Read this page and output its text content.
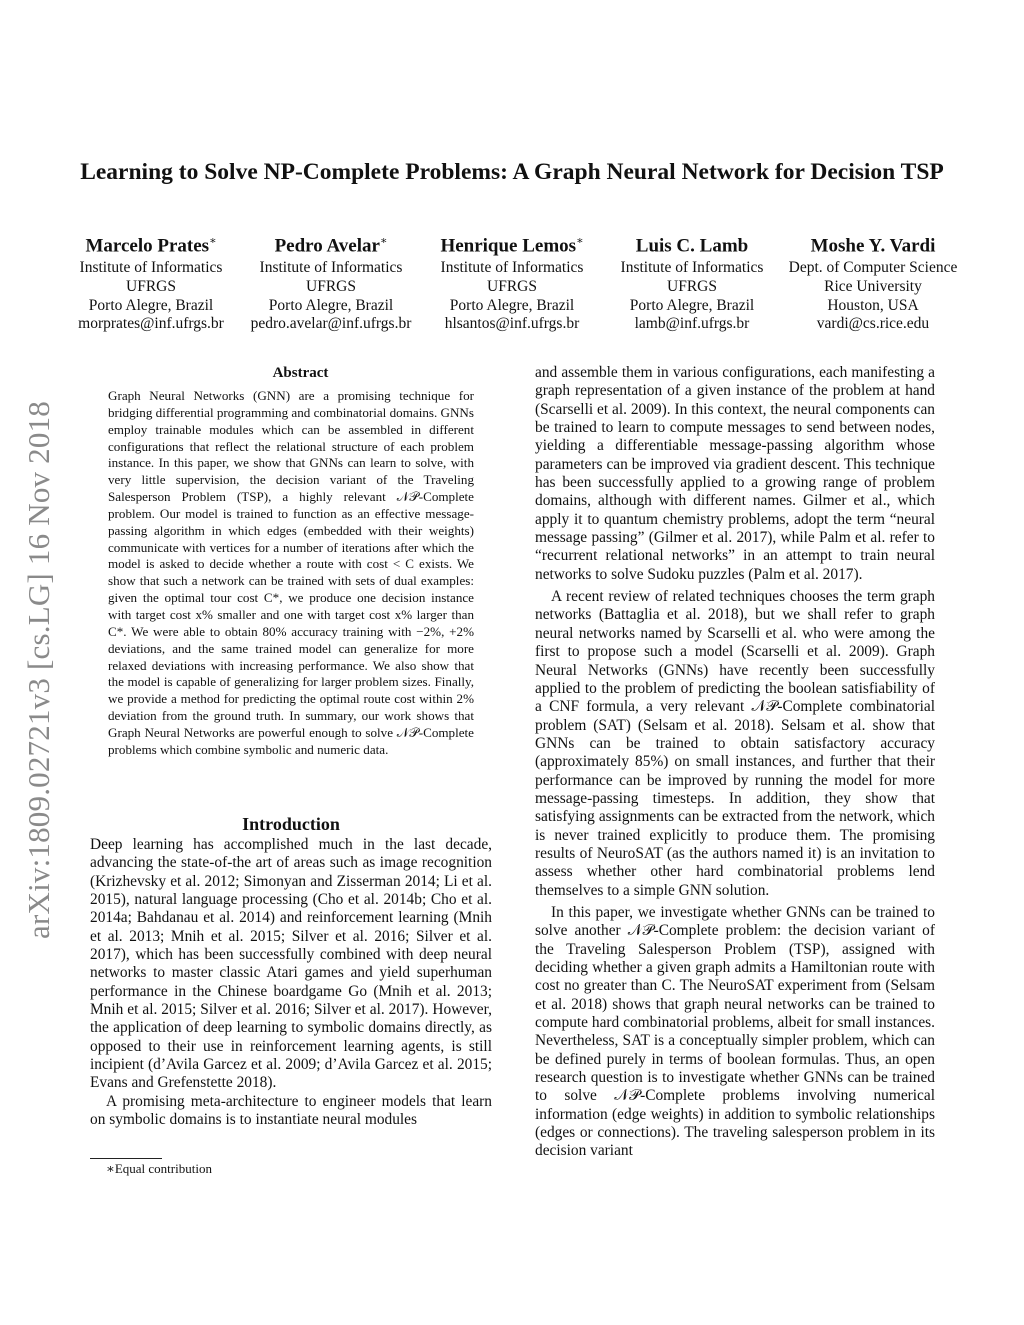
arXiv:1809.02721v3 [cs.LG] 16 Nov 2018
Learning to Solve NP-Complete Problems: A Graph Neural Network for Decision TSP
Marcelo Prates∗
Institute of Informatics
UFRGS
Porto Alegre, Brazil
morprates@inf.ufrgs.br
Pedro Avelar∗
Institute of Informatics
UFRGS
Porto Alegre, Brazil
pedro.avelar@inf.ufrgs.br
Henrique Lemos∗
Institute of Informatics
UFRGS
Porto Alegre, Brazil
hlsantos@inf.ufrgs.br
Luis C. Lamb
Institute of Informatics
UFRGS
Porto Alegre, Brazil
lamb@inf.ufrgs.br
Moshe Y. Vardi
Dept. of Computer Science
Rice University
Houston, USA
vardi@cs.rice.edu
Abstract

Graph Neural Networks (GNN) are a promising technique for bridging differential programming and combinatorial domains. GNNs employ trainable modules which can be assembled in different configurations that reflect the relational structure of each problem instance. In this paper, we show that GNNs can learn to solve, with very little supervision, the decision variant of the Traveling Salesperson Problem (TSP), a highly relevant 𝒩𝒫-Complete problem. Our model is trained to function as an effective message-passing algorithm in which edges (embedded with their weights) communicate with vertices for a number of iterations after which the model is asked to decide whether a route with cost < C exists. We show that such a network can be trained with sets of dual examples: given the optimal tour cost C*, we produce one decision instance with target cost x% smaller and one with target cost x% larger than C*. We were able to obtain 80% accuracy training with −2%, +2% deviations, and the same trained model can generalize for more relaxed deviations with increasing performance. We also show that the model is capable of generalizing for larger problem sizes. Finally, we provide a method for predicting the optimal route cost within 2% deviation from the ground truth. In summary, our work shows that Graph Neural Networks are powerful enough to solve 𝒩𝒫-Complete problems which combine symbolic and numeric data.

Introduction

Deep learning has accomplished much in the last decade, advancing the state-of-the art of areas such as image recognition (Krizhevsky et al. 2012; Simonyan and Zisserman 2014; Li et al. 2015), natural language processing (Cho et al. 2014b; Cho et al. 2014a; Bahdanau et al. 2014) and reinforcement learning (Mnih et al. 2013; Mnih et al. 2015; Silver et al. 2016; Silver et al. 2017), which has been successfully combined with deep neural networks to master classic Atari games and yield superhuman performance in the Chinese boardgame Go (Mnih et al. 2013; Mnih et al. 2015; Silver et al. 2016; Silver et al. 2017). However, the application of deep learning to symbolic domains directly, as opposed to their use in reinforcement learning agents, is still incipient (d’Avila Garcez et al. 2009; d’Avila Garcez et al. 2015; Evans and Grefenstette 2018).

A promising meta-architecture to engineer models that learn on symbolic domains is to instantiate neural modules

∗Equal contribution

and assemble them in various configurations, each manifesting a graph representation of a given instance of the problem at hand (Scarselli et al. 2009). In this context, the neural components can be trained to learn to compute messages to send between nodes, yielding a differentiable message-passing algorithm whose parameters can be improved via gradient descent. This technique has been successfully applied to a growing range of problem domains, although with different names. Gilmer et al., which apply it to quantum chemistry problems, adopt the term “neural message passing” (Gilmer et al. 2017), while Palm et al. refer to “recurrent relational networks” in an attempt to train neural networks to solve Sudoku puzzles (Palm et al. 2017).

A recent review of related techniques chooses the term graph networks (Battaglia et al. 2018), but we shall refer to graph neural networks named by Scarselli et al. who were among the first to propose such a model (Scarselli et al. 2009). Graph Neural Networks (GNNs) have recently been successfully applied to the problem of predicting the boolean satisfiability of a CNF formula, a very relevant 𝒩𝒫-Complete combinatorial problem (SAT) (Selsam et al. 2018). Selsam et al. show that GNNs can be trained to obtain satisfactory accuracy (approximately 85%) on small instances, and further that their performance can be improved by running the model for more message-passing timesteps. In addition, they show that satisfying assignments can be extracted from the network, which is never trained explicitly to produce them. The promising results of NeuroSAT (as the authors named it) is an invitation to assess whether other hard combinatorial problems lend themselves to a simple GNN solution.

In this paper, we investigate whether GNNs can be trained to solve another 𝒩𝒫-Complete problem: the decision variant of the Traveling Salesperson Problem (TSP), assigned with deciding whether a given graph admits a Hamiltonian route with cost no greater than C. The NeuroSAT experiment from (Selsam et al. 2018) shows that graph neural networks can be trained to compute hard combinatorial problems, albeit for small instances. Nevertheless, SAT is a conceptually simpler problem, which can be defined purely in terms of boolean formulas. Thus, an open research question is to investigate whether GNNs can be trained to solve 𝒩𝒫-Complete problems involving numerical information (edge weights) in addition to symbolic relationships (edges or connections). The traveling salesperson problem in its decision variant
